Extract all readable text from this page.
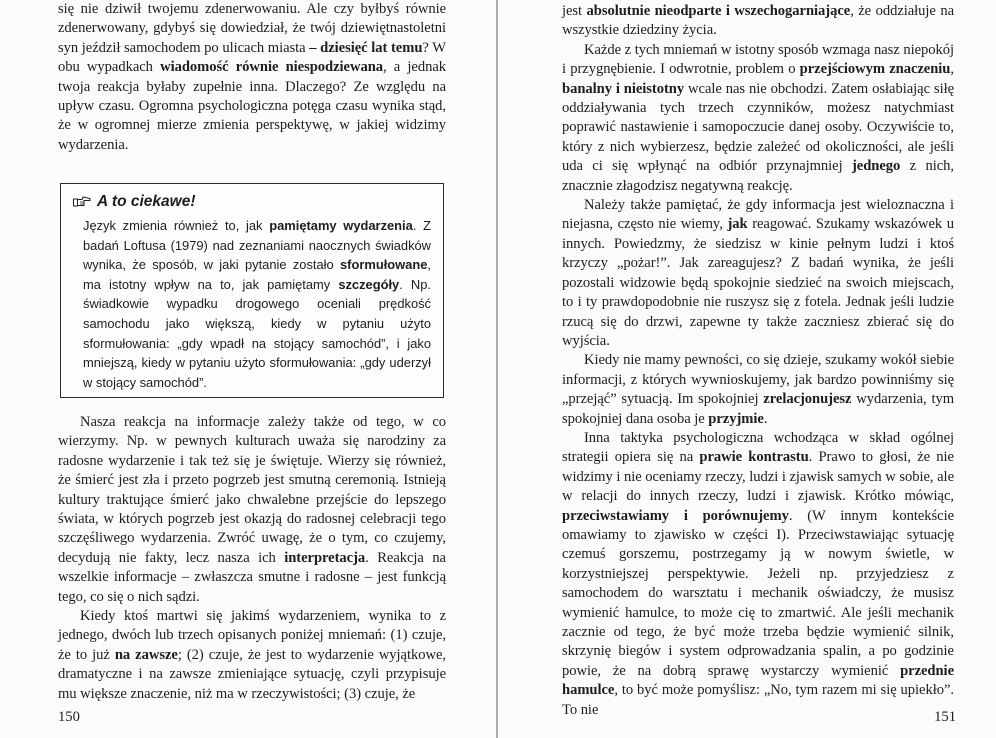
się nie dziwił twojemu zdenerwowaniu. Ale czy byłbyś równie zdenerwowany, gdybyś się dowiedział, że twój dziewiętnastoletni syn jeździł samochodem po ulicach miasta – dziesięć lat temu? W obu wypadkach wiadomość równie niespodziewana, a jednak twoja reakcja byłaby zupełnie inna. Dlaczego? Ze względu na upływ czasu. Ogromna psychologiczna potęga czasu wynika stąd, że w ogromnej mierze zmienia perspektywę, w jakiej widzimy wydarzenia.

A to ciekawe!

Język zmienia również to, jak pamiętamy wydarzenia. Z badań Loftusa (1979) nad zeznaniami naocznych świadków wynika, że sposób, w jaki pytanie zostało sformułowane, ma istotny wpływ na to, jak pamiętamy szczegóły. Np. świadkowie wypadku drogowego oceniali prędkość samochodu jako większą, kiedy w pytaniu użyto sformułowania: „gdy wpadł na stojący samochód”, i jako mniejszą, kiedy w pytaniu użyto sformułowania: „gdy uderzył w stojący samochód”.

Nasza reakcja na informacje zależy także od tego, w co wierzymy. Np. w pewnych kulturach uważa się narodziny za radosne wydarzenie i tak też się je świętuje. Wierzy się również, że śmierć jest zła i przeto pogrzeb jest smutną ceremonią. Istnieją kultury traktujące śmierć jako chwalebne przejście do lepszego świata, w których pogrzeb jest okazją do radosnej celebracji tego szczęśliwego wydarzenia. Zwróć uwagę, że o tym, co czujemy, decydują nie fakty, lecz nasza ich interpretacja. Reakcja na wszelkie informacje – zwłaszcza smutne i radosne – jest funkcją tego, co się o nich sądzi.

Kiedy ktoś martwi się jakimś wydarzeniem, wynika to z jednego, dwóch lub trzech opisanych poniżej mniemań: (1) czuje, że to już na zawsze; (2) czuje, że jest to wydarzenie wyjątkowe, dramatyczne i na zawsze zmieniające sytuację, czyli przypisuje mu większe znaczenie, niż ma w rzeczywistości; (3) czuje, że

150

jest absolutnie nieodparte i wszechogarniające, że oddziałuje na wszystkie dziedziny życia.

Każde z tych mniemań w istotny sposób wzmaga nasz niepokój i przygnębienie. I odwrotnie, problem o przejściowym znaczeniu, banalny i nieistotny wcale nas nie obchodzi. Zatem osłabiając siłę oddziaływania tych trzech czynników, możesz natychmiast poprawić nastawienie i samopoczucie danej osoby. Oczywiście to, który z nich wybierzesz, będzie zależeć od okoliczności, ale jeśli uda ci się wpłynąć na odbiór przynajmniej jednego z nich, znacznie złagodzisz negatywną reakcję.

Należy także pamiętać, że gdy informacja jest wieloznaczna i niejasna, często nie wiemy, jak reagować. Szukamy wskazówek u innych. Powiedzmy, że siedzisz w kinie pełnym ludzi i ktoś krzyczy „pożar!”. Jak zareagujesz? Z badań wynika, że jeśli pozostali widzowie będą spokojnie siedzieć na swoich miejscach, to i ty prawdopodobnie nie ruszysz się z fotela. Jednak jeśli ludzie rzucą się do drzwi, zapewne ty także zaczniesz zbierać się do wyjścia.

Kiedy nie mamy pewności, co się dzieje, szukamy wokół siebie informacji, z których wywnioskujemy, jak bardzo powinniśmy się „przejąć” sytuacją. Im spokojniej zrelacjonujesz wydarzenia, tym spokojniej dana osoba je przyjmie.

Inna taktyka psychologiczna wchodząca w skład ogólnej strategii opiera się na prawie kontrastu. Prawo to głosi, że nie widzimy i nie oceniamy rzeczy, ludzi i zjawisk samych w sobie, ale w relacji do innych rzeczy, ludzi i zjawisk. Krótko mówiąc, przeciwstawiamy i porównujemy. (W innym kontekście omawiamy to zjawisko w części I). Przeciwstawiając sytuację czemuś gorszemu, postrzegamy ją w nowym świetle, w korzystniejszej perspektywie. Jeżeli np. przyjedziesz z samochodem do warsztatu i mechanik oświadczy, że musisz wymienić hamulce, to może cię to zmartwić. Ale jeśli mechanik zacznie od tego, że być może trzeba będzie wymienić silnik, skrzynię biegów i system odprowadzania spalin, a po godzinie powie, że na dobrą sprawę wystarczy wymienić przednie hamulce, to być może pomyślisz: „No, tym razem mi się upiekło”. To nie	151
